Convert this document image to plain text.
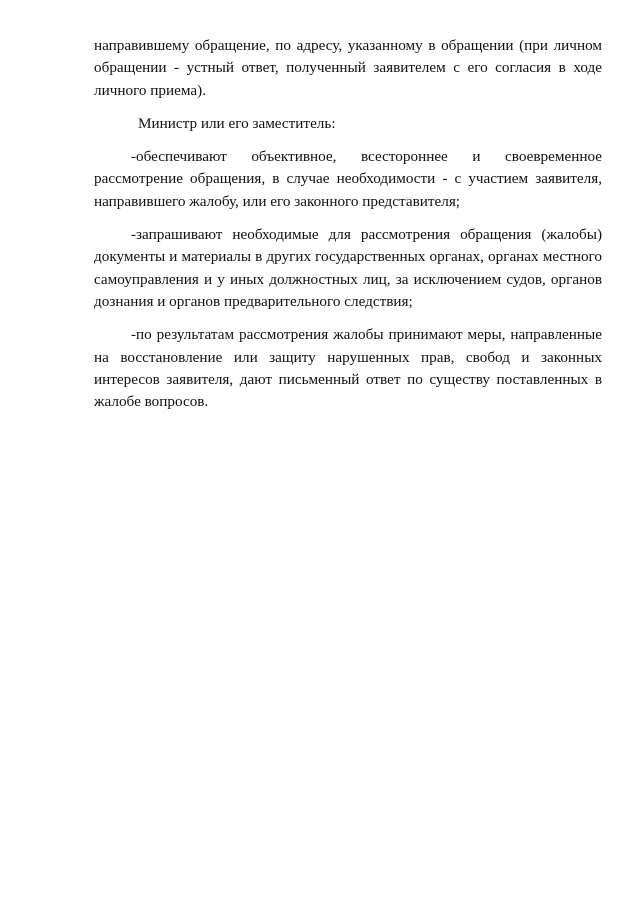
направившему обращение, по адресу, указанному в обращении (при личном обращении - устный ответ, полученный заявителем с его согласия в ходе личного приема).

Министр или его заместитель:

-обеспечивают объективное, всестороннее и своевременное рассмотрение обращения, в случае необходимости - с участием заявителя, направившего жалобу, или его законного представителя;

-запрашивают необходимые для рассмотрения обращения (жалобы) документы и материалы в других государственных органах, органах местного самоуправления и у иных должностных лиц, за исключением судов, органов дознания и органов предварительного следствия;

-по результатам рассмотрения жалобы принимают меры, направленные на восстановление или защиту нарушенных прав, свобод и законных интересов заявителя, дают письменный ответ по существу поставленных в жалобе вопросов.
